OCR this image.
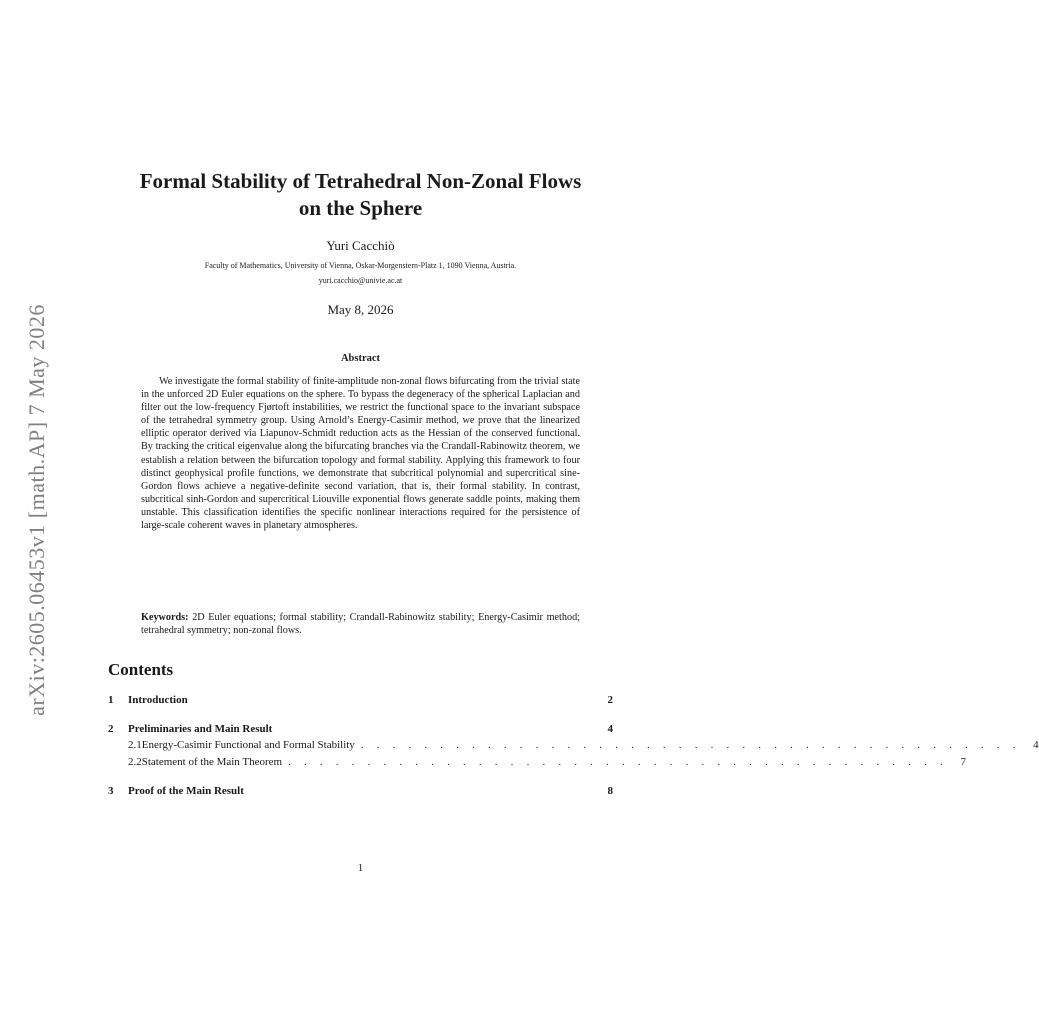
arXiv:2605.06453v1 [math.AP] 7 May 2026
Formal Stability of Tetrahedral Non-Zonal Flows
on the Sphere
Yuri Cacchiò
Faculty of Mathematics, University of Vienna, Oskar-Morgenstern-Platz 1, 1090 Vienna, Austria.
yuri.cacchio@univie.ac.at
May 8, 2026
Abstract

We investigate the formal stability of finite-amplitude non-zonal flows bifurcating from the trivial state in the unforced 2D Euler equations on the sphere. To bypass the degeneracy of the spherical Laplacian and filter out the low-frequency Fjørtoft instabilities, we restrict the functional space to the invariant subspace of the tetrahedral symmetry group. Using Arnold’s Energy-Casimir method, we prove that the linearized elliptic operator derived via Liapunov-Schmidt reduction acts as the Hessian of the conserved functional. By tracking the critical eigenvalue along the bifurcating branches via the Crandall-Rabinowitz theorem, we establish a relation between the bifurcation topology and formal stability. Applying this framework to four distinct geophysical profile functions, we demonstrate that subcritical polynomial and supercritical sine-Gordon flows achieve a negative-definite second variation, that is, their formal stability. In contrast, subcritical sinh-Gordon and supercritical Liouville exponential flows generate saddle points, making them unstable. This classification identifies the specific nonlinear interactions required for the persistence of large-scale coherent waves in planetary atmospheres.

Keywords: 2D Euler equations; formal stability; Crandall-Rabinowitz stability; Energy-Casimir method; tetrahedral symmetry; non-zonal flows.

Contents
1	Introduction	2
2	Preliminaries and Main Result	4
2.1 Energy-Casimir Functional and Formal Stability . . . . . . . . . . . . . . . . . . . . . . . . . . . . . . . . . . . . . . . . . .	4
2.2 Statement of the Main Theorem . . . . . . . . . . . . . . . . . . . . . . . . . . . . . . . . . . . . . . . . . .	7
3	Proof of the Main Result	8
1
